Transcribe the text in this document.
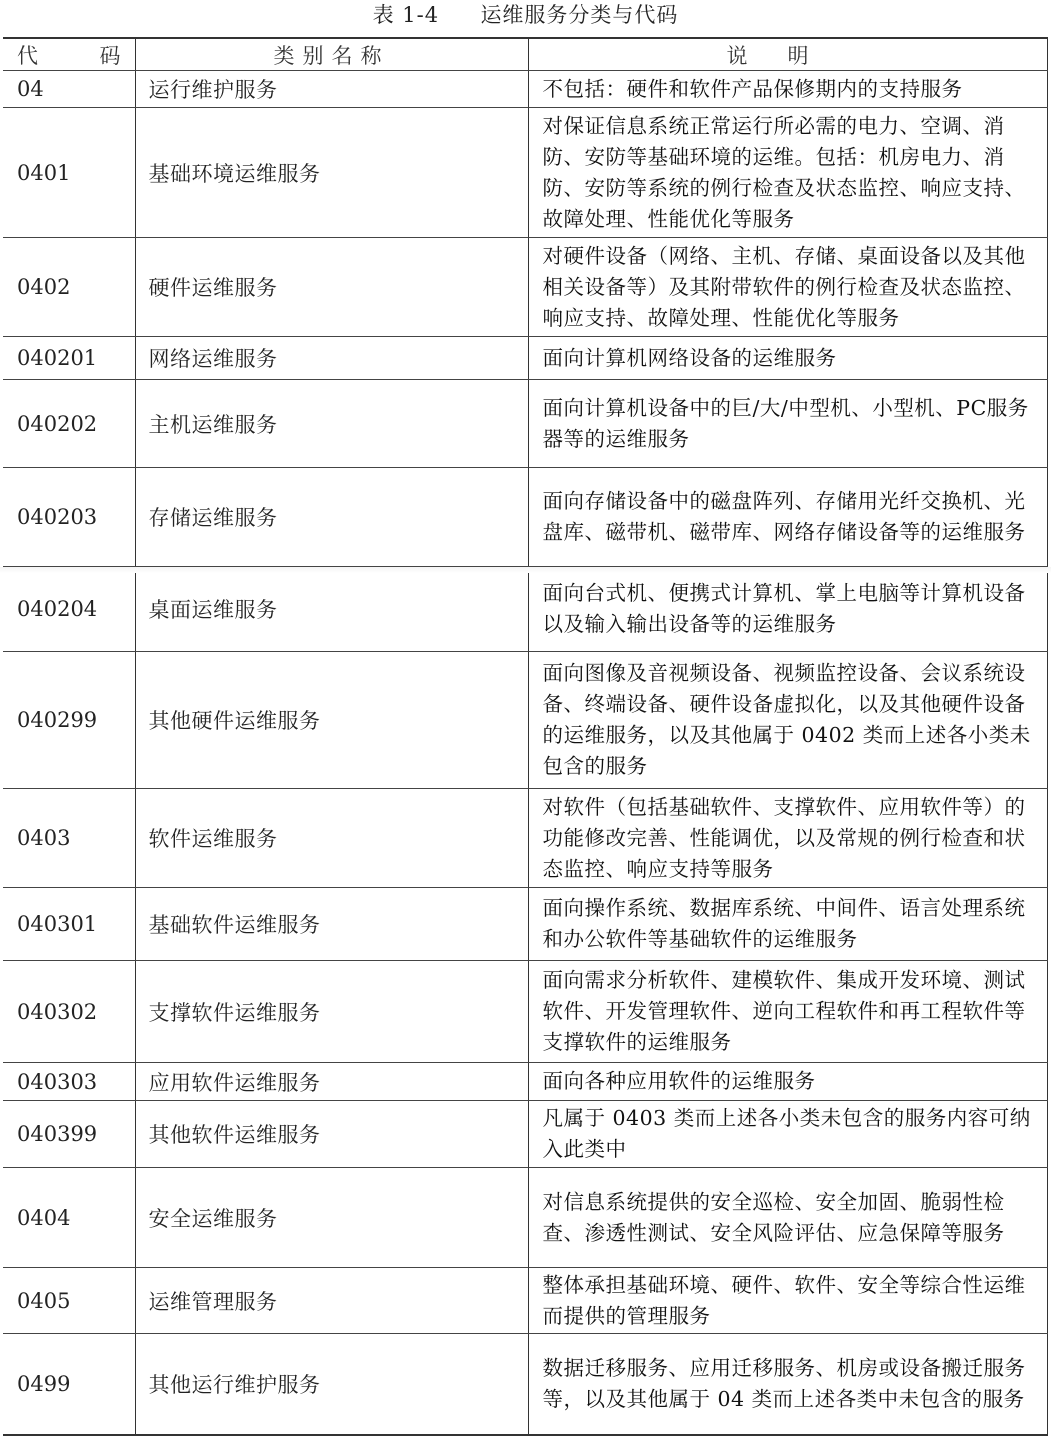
表 1-4 运维服务分类与代码
代 码	类别名称	说明
04	运行维护服务	不包括：硬件和软件产品保修期内的支持服务
0401	基础环境运维服务	对保证信息系统正常运行所必需的电力、空调、消防、安防等基础环境的运维。包括：机房电力、消防、安防等系统的例行检查及状态监控、响应支持、故障处理、性能优化等服务
0402	硬件运维服务	对硬件设备（网络、主机、存储、桌面设备以及其他相关设备等）及其附带软件的例行检查及状态监控、响应支持、故障处理、性能优化等服务
040201	网络运维服务	面向计算机网络设备的运维服务
040202	主机运维服务	面向计算机设备中的巨/大/中型机、小型机、PC服务器等的运维服务
040203	存储运维服务	面向存储设备中的磁盘阵列、存储用光纤交换机、光盘库、磁带机、磁带库、网络存储设备等的运维服务
040204	桌面运维服务	面向台式机、便携式计算机、掌上电脑等计算机设备以及输入输出设备等的运维服务
040299	其他硬件运维服务	面向图像及音视频设备、视频监控设备、会议系统设备、终端设备、硬件设备虚拟化，以及其他硬件设备的运维服务，以及其他属于 0402 类而上述各小类未包含的服务
0403	软件运维服务	对软件（包括基础软件、支撑软件、应用软件等）的功能修改完善、性能调优，以及常规的例行检查和状态监控、响应支持等服务
040301	基础软件运维服务	面向操作系统、数据库系统、中间件、语言处理系统和办公软件等基础软件的运维服务
040302	支撑软件运维服务	面向需求分析软件、建模软件、集成开发环境、测试软件、开发管理软件、逆向工程软件和再工程软件等支撑软件的运维服务
040303	应用软件运维服务	面向各种应用软件的运维服务
040399	其他软件运维服务	凡属于 0403 类而上述各小类未包含的服务内容可纳入此类中
0404	安全运维服务	对信息系统提供的安全巡检、安全加固、脆弱性检查、渗透性测试、安全风险评估、应急保障等服务
0405	运维管理服务	整体承担基础环境、硬件、软件、安全等综合性运维而提供的管理服务
0499	其他运行维护服务	数据迁移服务、应用迁移服务、机房或设备搬迁服务等，以及其他属于 04 类而上述各类中未包含的服务
